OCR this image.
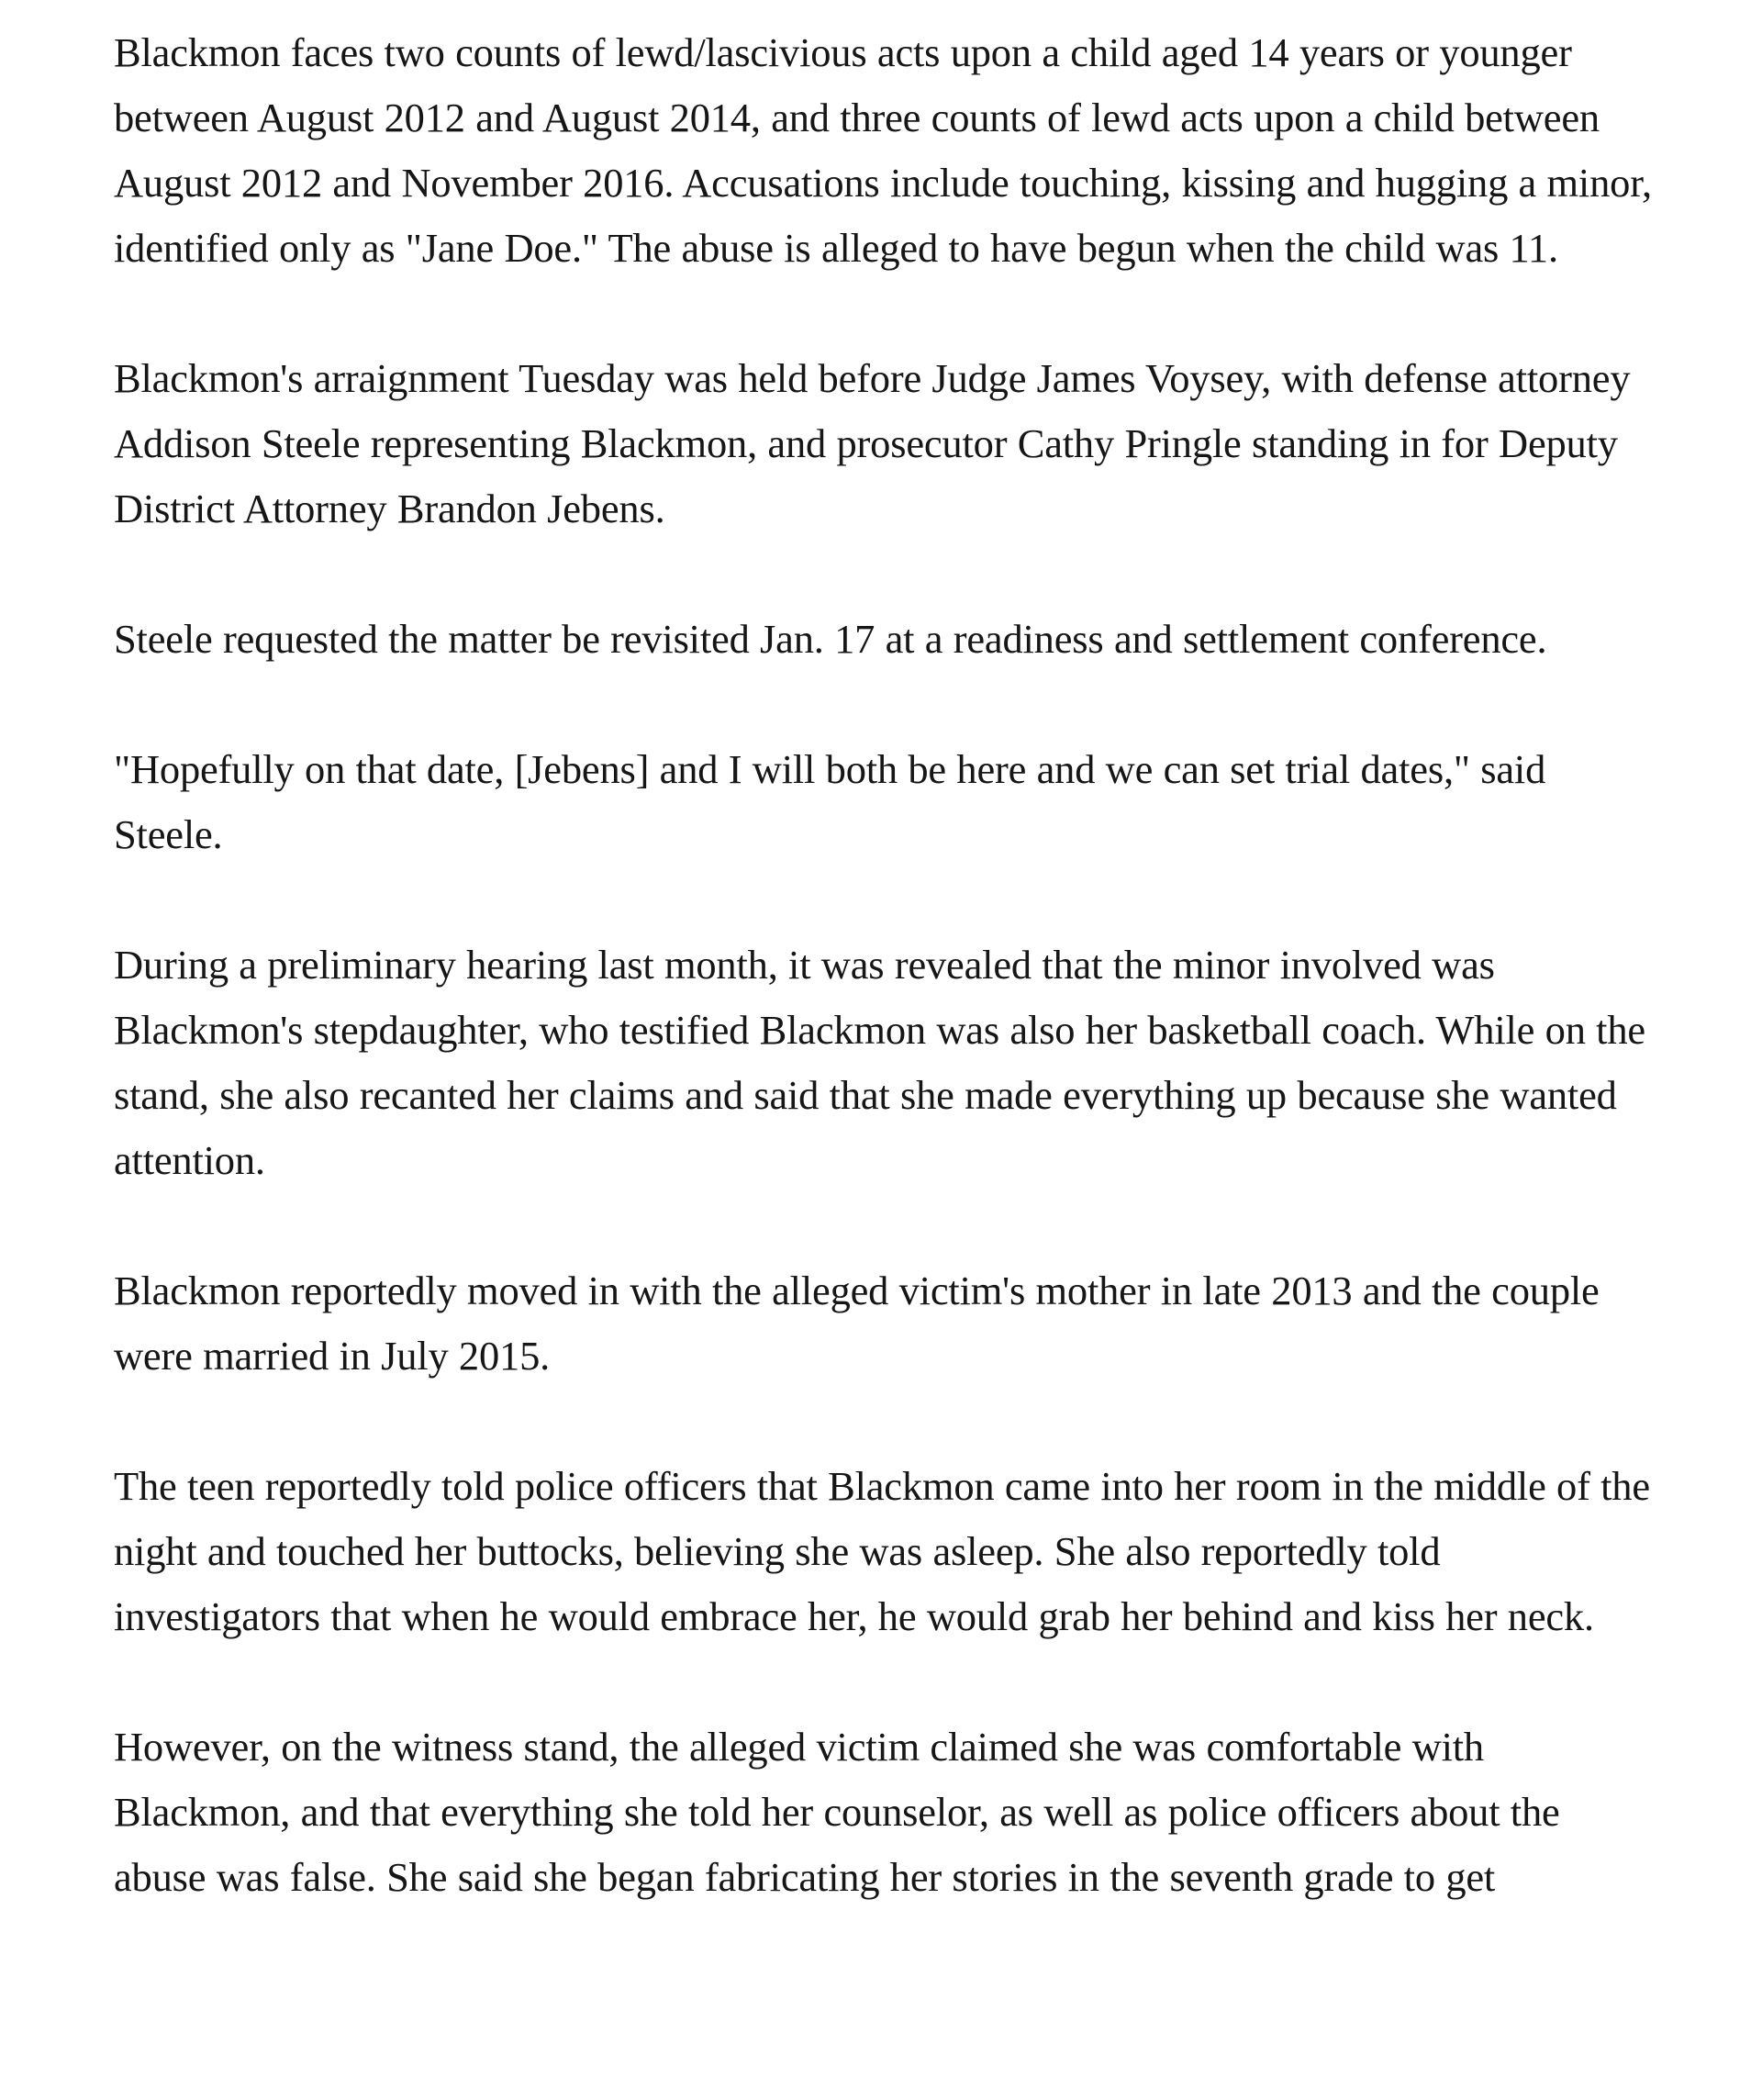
Blackmon faces two counts of lewd/lascivious acts upon a child aged 14 years or younger between August 2012 and August 2014, and three counts of lewd acts upon a child between August 2012 and November 2016. Accusations include touching, kissing and hugging a minor, identified only as "Jane Doe." The abuse is alleged to have begun when the child was 11.

Blackmon's arraignment Tuesday was held before Judge James Voysey, with defense attorney Addison Steele representing Blackmon, and prosecutor Cathy Pringle standing in for Deputy District Attorney Brandon Jebens.

Steele requested the matter be revisited Jan. 17 at a readiness and settlement conference.

"Hopefully on that date, [Jebens] and I will both be here and we can set trial dates," said Steele.

During a preliminary hearing last month, it was revealed that the minor involved was Blackmon's stepdaughter, who testified Blackmon was also her basketball coach. While on the stand, she also recanted her claims and said that she made everything up because she wanted attention.

Blackmon reportedly moved in with the alleged victim's mother in late 2013 and the couple were married in July 2015.

The teen reportedly told police officers that Blackmon came into her room in the middle of the night and touched her buttocks, believing she was asleep. She also reportedly told investigators that when he would embrace her, he would grab her behind and kiss her neck.

However, on the witness stand, the alleged victim claimed she was comfortable with Blackmon, and that everything she told her counselor, as well as police officers about the abuse was false. She said she began fabricating her stories in the seventh grade to get
